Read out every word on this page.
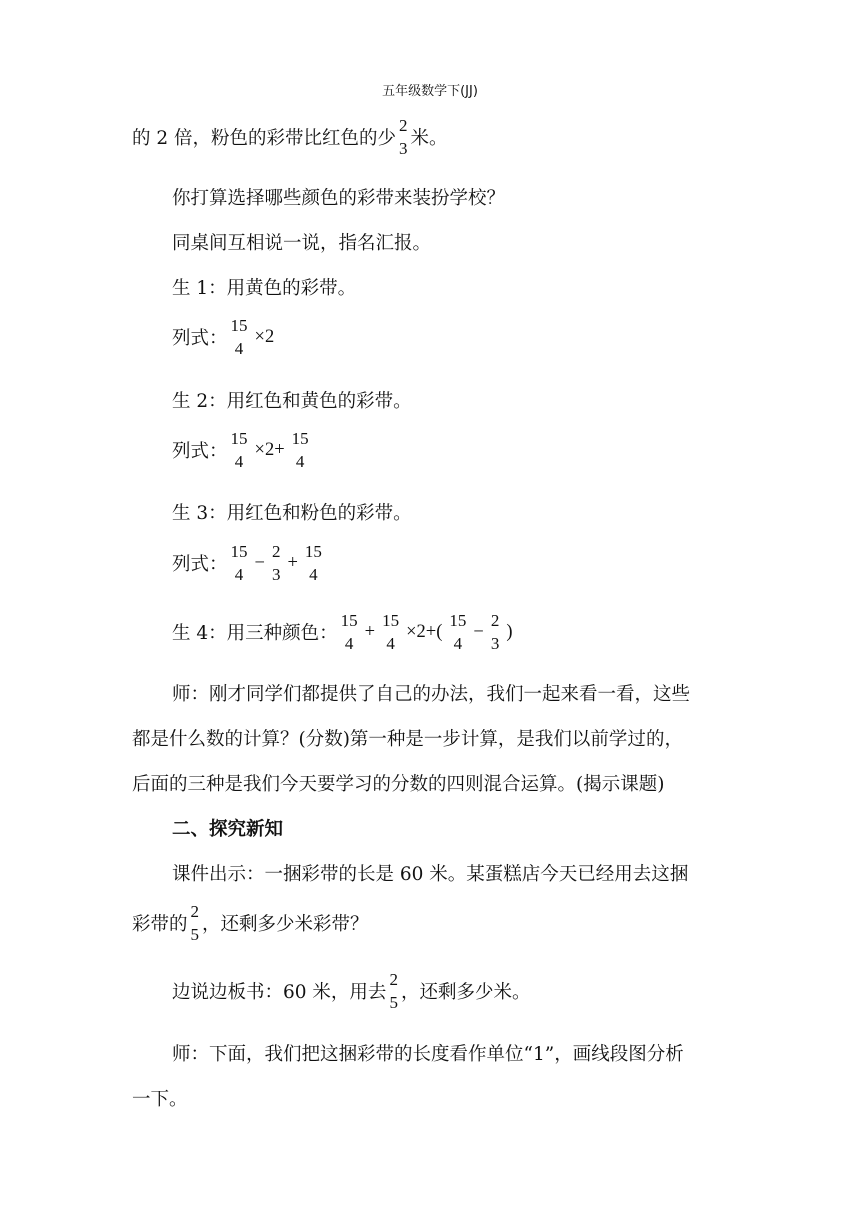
五年级数学下(JJ)
的 2 倍，粉色的彩带比红色的少
2
3 米。
你打算选择哪些颜色的彩带来装扮学校？
同桌间互相说一说，指名汇报。
生 1：用黄色的彩带。
列式：
15
4
×2
生 2：用红色和黄色的彩带。
列式：
15
4
×2+
15
4
生 3：用红色和粉色的彩带。
列式：
15
4
−
2
3
+
15
4
生 4：用三种颜色：
15
4
+
15
4
×2+(
15
4
−
2
3
)
师：刚才同学们都提供了自己的办法，我们一起来看一看，这些
都是什么数的计算？(分数)第一种是一步计算，是我们以前学过的，
后面的三种是我们今天要学习的分数的四则混合运算。(揭示课题)
二、探究新知
课件出示：一捆彩带的长是 60 米。某蛋糕店今天已经用去这捆
彩带的
2
5 ，还剩多少米彩带？
边说边板书：60 米，用去
2
5 ，还剩多少米。
师：下面，我们把这捆彩带的长度看作单位“1”，画线段图分析
一下。
